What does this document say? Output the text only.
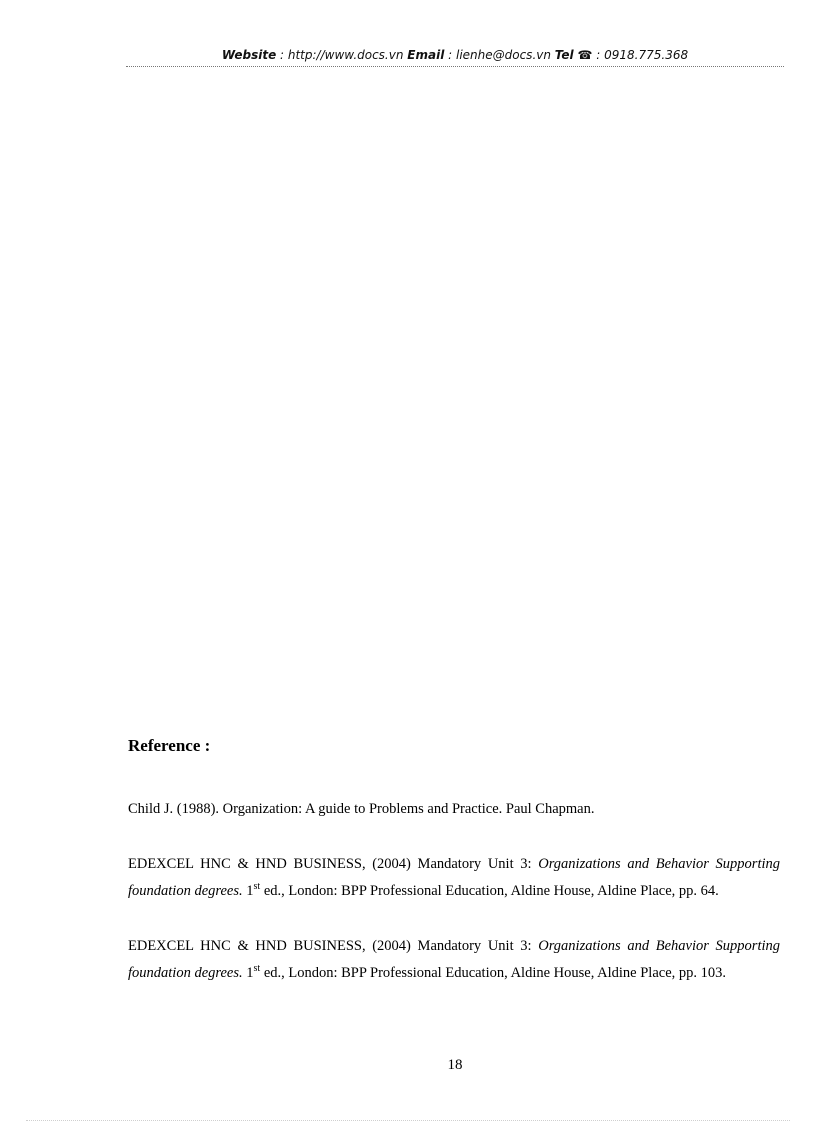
Website : http://www.docs.vn Email : lienhe@docs.vn Tel ☎ : 0918.775.368
Reference :

Child J. (1988). Organization: A guide to Problems and Practice. Paul Chapman.

EDEXCEL HNC & HND BUSINESS, (2004) Mandatory Unit 3: Organizations and Behavior Supporting foundation degrees. 1st ed., London: BPP Professional Education, Aldine House, Aldine Place, pp. 64.

EDEXCEL HNC & HND BUSINESS, (2004) Mandatory Unit 3: Organizations and Behavior Supporting foundation degrees. 1st ed., London: BPP Professional Education, Aldine House, Aldine Place, pp. 103.

18
